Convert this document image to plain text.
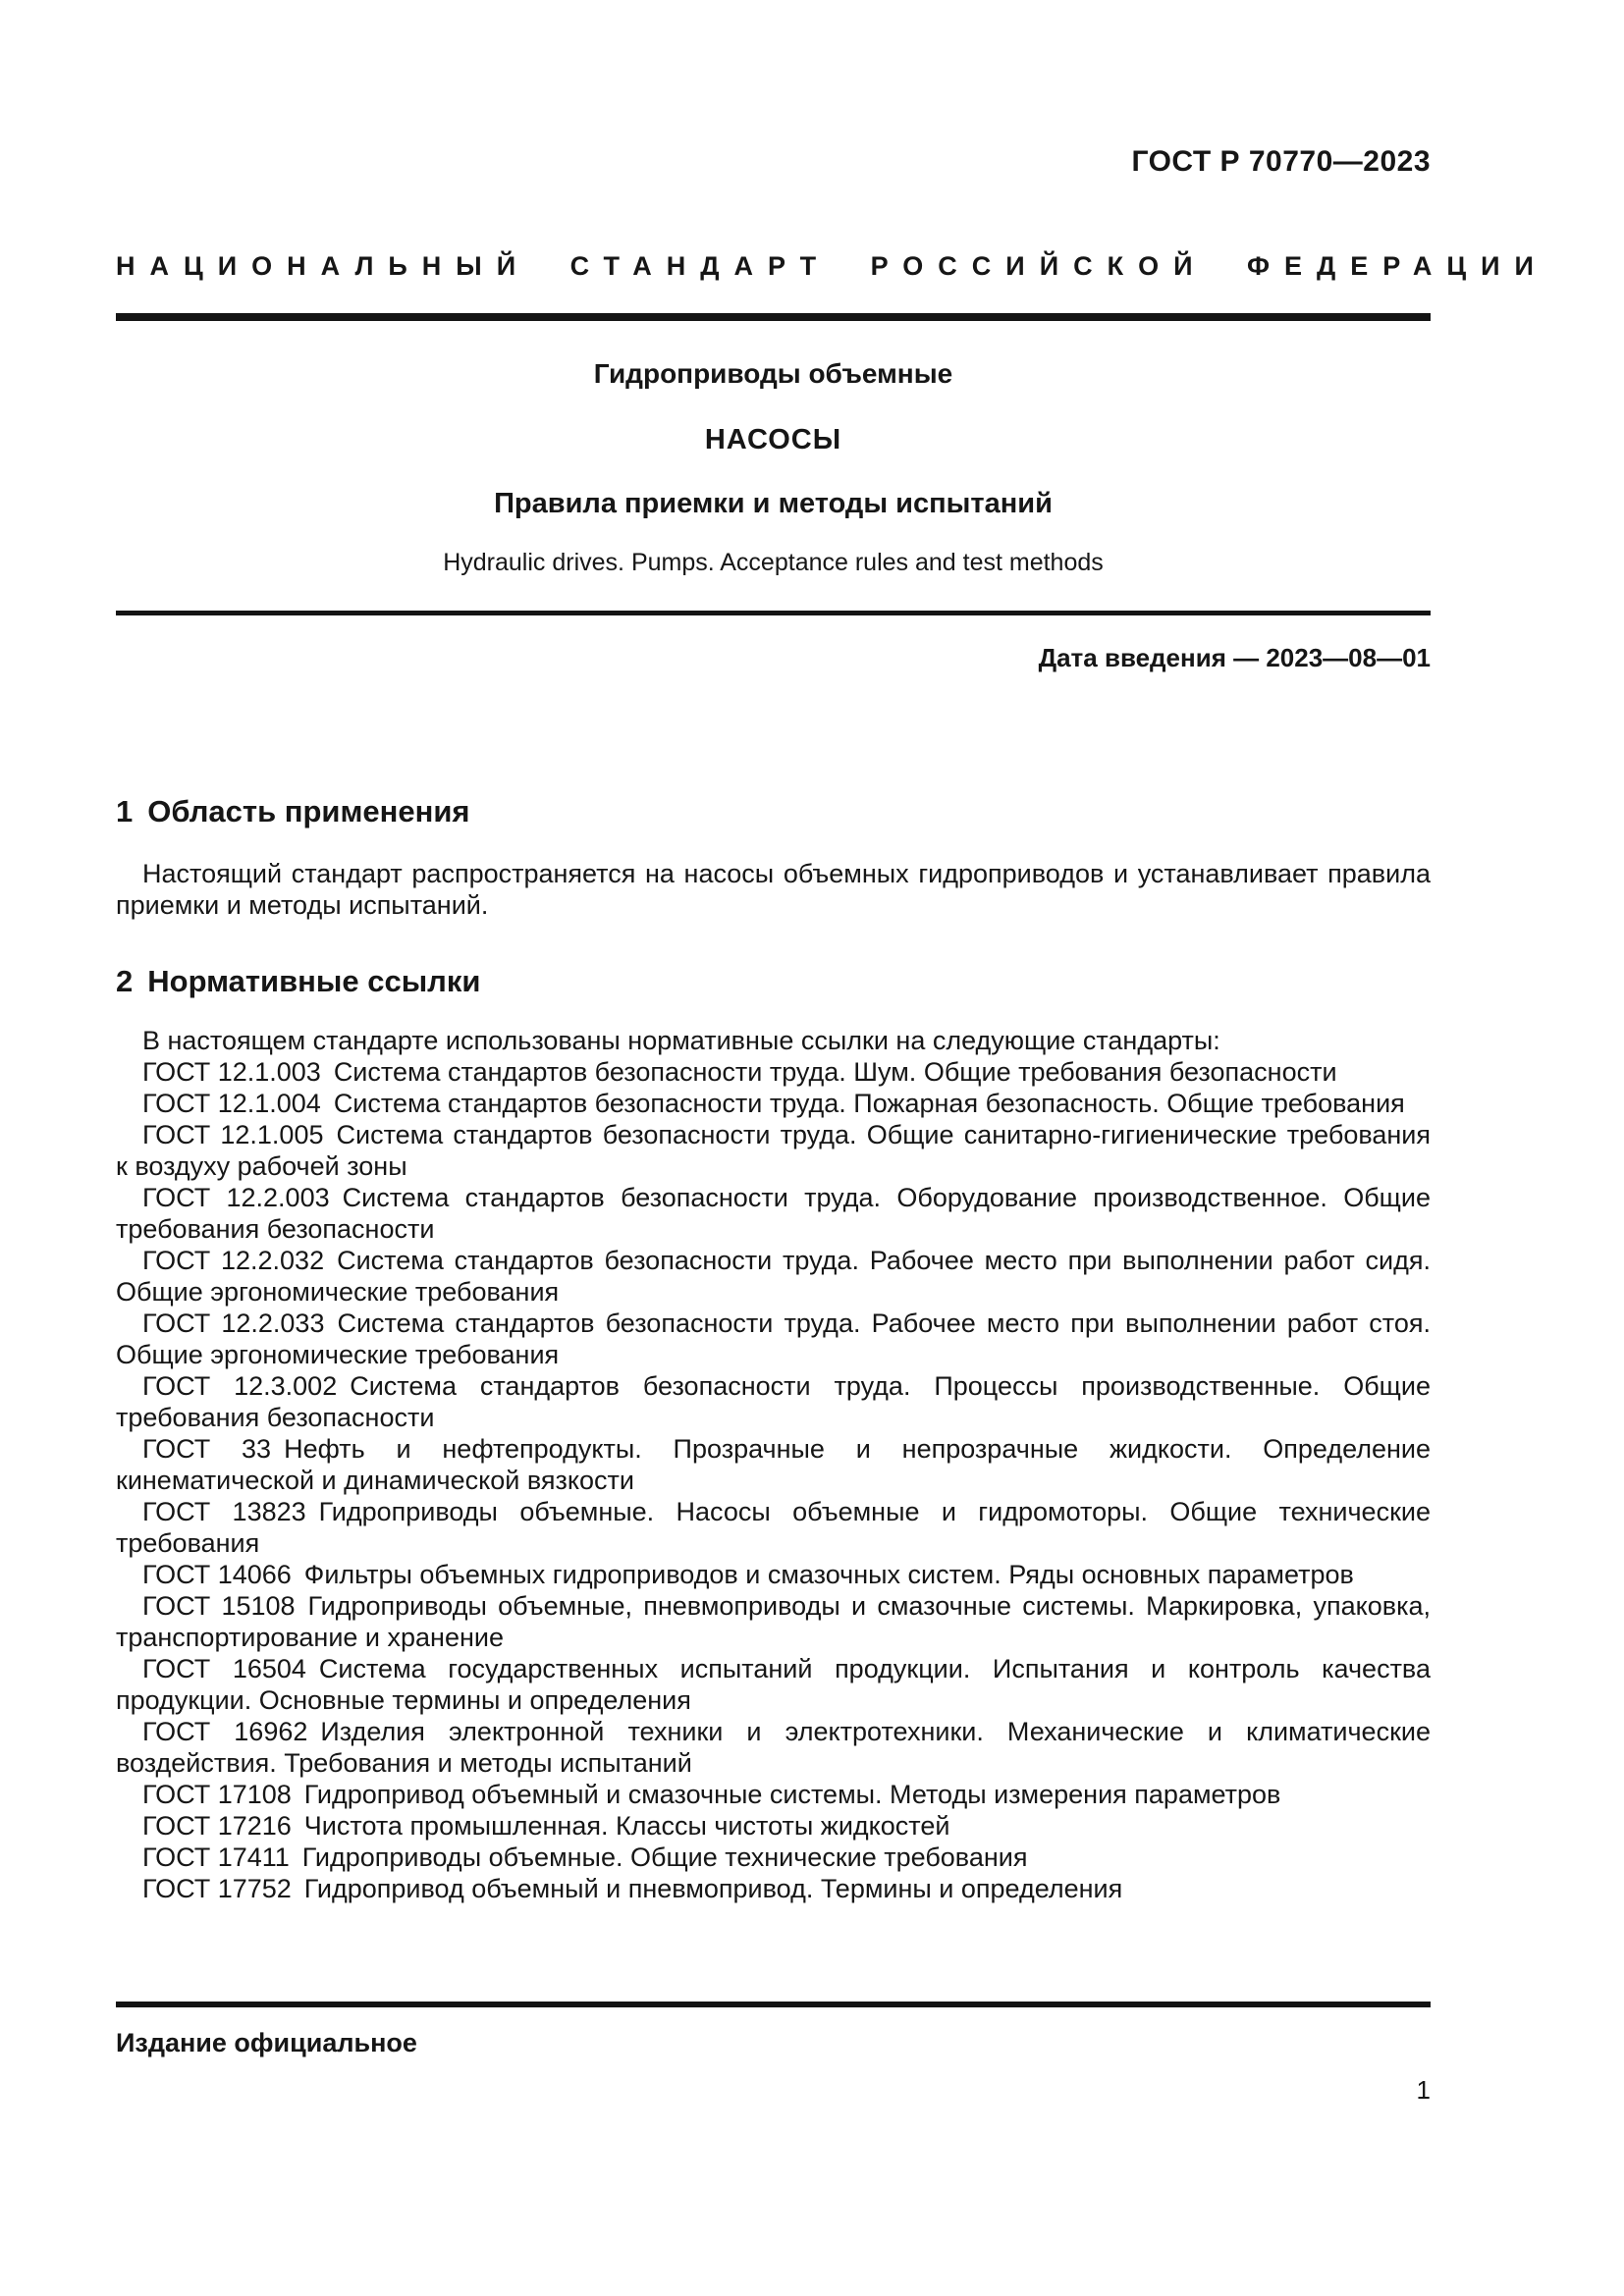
ГОСТ Р 70770—2023
НАЦИОНАЛЬНЫЙ СТАНДАРТ РОССИЙСКОЙ ФЕДЕРАЦИИ
Гидроприводы объемные
НАСОСЫ
Правила приемки и методы испытаний
Hydraulic drives. Pumps. Acceptance rules and test methods
Дата введения — 2023—08—01
1 Область применения

Настоящий стандарт распространяется на насосы объемных гидроприводов и устанавливает правила приемки и методы испытаний.

2 Нормативные ссылки

В настоящем стандарте использованы нормативные ссылки на следующие стандарты:

ГОСТ 12.1.003 Система стандартов безопасности труда. Шум. Общие требования безопасности

ГОСТ 12.1.004 Система стандартов безопасности труда. Пожарная безопасность. Общие требования

ГОСТ 12.1.005 Система стандартов безопасности труда. Общие санитарно-гигиенические требования к воздуху рабочей зоны

ГОСТ 12.2.003 Система стандартов безопасности труда. Оборудование производственное. Общие требования безопасности

ГОСТ 12.2.032 Система стандартов безопасности труда. Рабочее место при выполнении работ сидя. Общие эргономические требования

ГОСТ 12.2.033 Система стандартов безопасности труда. Рабочее место при выполнении работ стоя. Общие эргономические требования

ГОСТ 12.3.002 Система стандартов безопасности труда. Процессы производственные. Общие требования безопасности

ГОСТ 33 Нефть и нефтепродукты. Прозрачные и непрозрачные жидкости. Определение кинематической и динамической вязкости

ГОСТ 13823 Гидроприводы объемные. Насосы объемные и гидромоторы. Общие технические требования

ГОСТ 14066 Фильтры объемных гидроприводов и смазочных систем. Ряды основных параметров

ГОСТ 15108 Гидроприводы объемные, пневмоприводы и смазочные системы. Маркировка, упаковка, транспортирование и хранение

ГОСТ 16504 Система государственных испытаний продукции. Испытания и контроль качества продукции. Основные термины и определения

ГОСТ 16962 Изделия электронной техники и электротехники. Механические и климатические воздействия. Требования и методы испытаний

ГОСТ 17108 Гидропривод объемный и смазочные системы. Методы измерения параметров

ГОСТ 17216 Чистота промышленная. Классы чистоты жидкостей

ГОСТ 17411 Гидроприводы объемные. Общие технические требования

ГОСТ 17752 Гидропривод объемный и пневмопривод. Термины и определения

Издание официальное
1
